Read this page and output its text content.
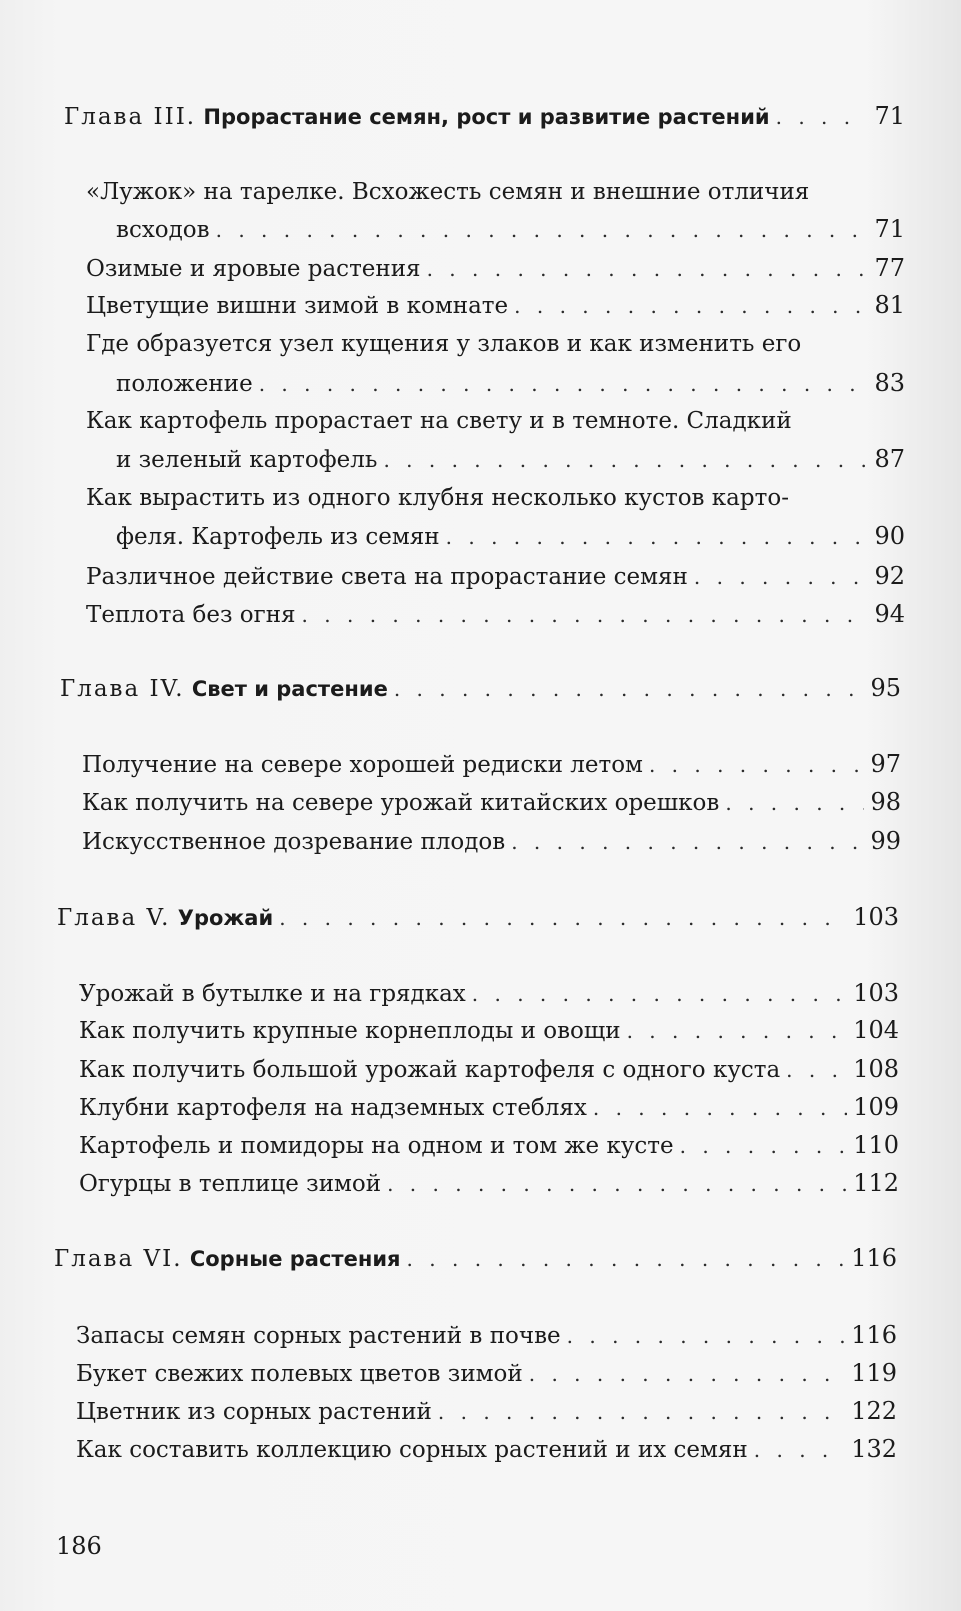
Глава III. Прорастание семян, рост и развитие растений . . .	71
«Лужок» на тарелке. Всхожесть семян и внешние отличия
всходов . . .	71
Озимые и яровые растения . . .	77
Цветущие вишни зимой в комнате . . .	81
Где образуется узел кущения у злаков и как изменить его
положение . . .	83
Как картофель прорастает на свету и в темноте. Сладкий
и зеленый картофель . . .	87
Как вырастить из одного клубня несколько кустов карто-
феля. Картофель из семян . . .	90
Различное действие света на прорастание семян . . .	92
Теплота без огня . . .	94
Глава IV. Свет и растение . . .	95
Получение на севере хорошей редиски летом . . .	97
Как получить на севере урожай китайских орешков . . .	98
Искусственное дозревание плодов . . .	99
Глава V. Урожай . . .	103
Урожай в бутылке и на грядках . . .	103
Как получить крупные корнеплоды и овощи . . .	104
Как получить большой урожай картофеля с одного куста . . .	108
Клубни картофеля на надземных стеблях . . .	109
Картофель и помидоры на одном и том же кусте . . .	110
Огурцы в теплице зимой . . .	112
Глава VI. Сорные растения . . .	116
Запасы семян сорных растений в почве . . .	116
Букет свежих полевых цветов зимой . . .	119
Цветник из сорных растений . . .	122
Как составить коллекцию сорных растений и их семян . . .	132
186
